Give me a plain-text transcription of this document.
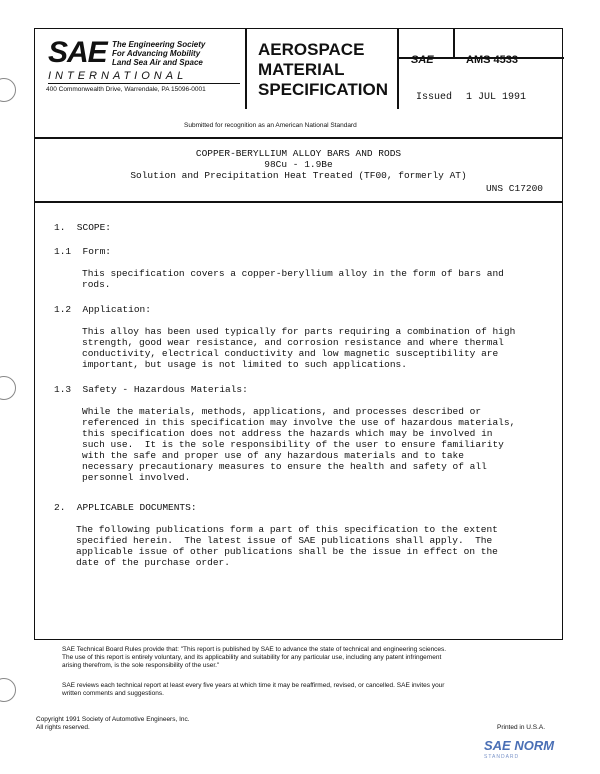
SAE The Engineering Society
For Advancing Mobility
Land Sea Air and Space
INTERNATIONAL
400 Commonwealth Drive, Warrendale, PA 15096-0001
AEROSPACE
MATERIAL
SPECIFICATION
SAE	AMS 4533
Issued 1 JUL 1991
Submitted for recognition as an American National Standard
COPPER-BERYLLIUM ALLOY BARS AND RODS
98Cu - 1.9Be
Solution and Precipitation Heat Treated (TF00, formerly AT)
UNS C17200
1.  SCOPE:
1.1  Form:
This specification covers a copper-beryllium alloy in the form of bars and
rods.
1.2  Application:
This alloy has been used typically for parts requiring a combination of high
strength, good wear resistance, and corrosion resistance and where thermal
conductivity, electrical conductivity and low magnetic susceptibility are
important, but usage is not limited to such applications.
1.3  Safety - Hazardous Materials:
While the materials, methods, applications, and processes described or
referenced in this specification may involve the use of hazardous materials,
this specification does not address the hazards which may be involved in
such use.  It is the sole responsibility of the user to ensure familiarity
with the safe and proper use of any hazardous materials and to take
necessary precautionary measures to ensure the health and safety of all
personnel involved.
2.  APPLICABLE DOCUMENTS:
The following publications form a part of this specification to the extent
specified herein.  The latest issue of SAE publications shall apply.  The
applicable issue of other publications shall be the issue in effect on the
date of the purchase order.
SAE Technical Board Rules provide that: "This report is published by SAE to advance the state of technical and engineering sciences.
The use of this report is entirely voluntary, and its applicability and suitability for any particular use, including any patent infringement
arising therefrom, is the sole responsibility of the user."
SAE reviews each technical report at least every five years at which time it may be reaffirmed, revised, or cancelled. SAE invites your
written comments and suggestions.
Copyright 1991 Society of Automotive Engineers, Inc.
All rights reserved.	Printed in U.S.A.
SAE NORM
STANDARD
